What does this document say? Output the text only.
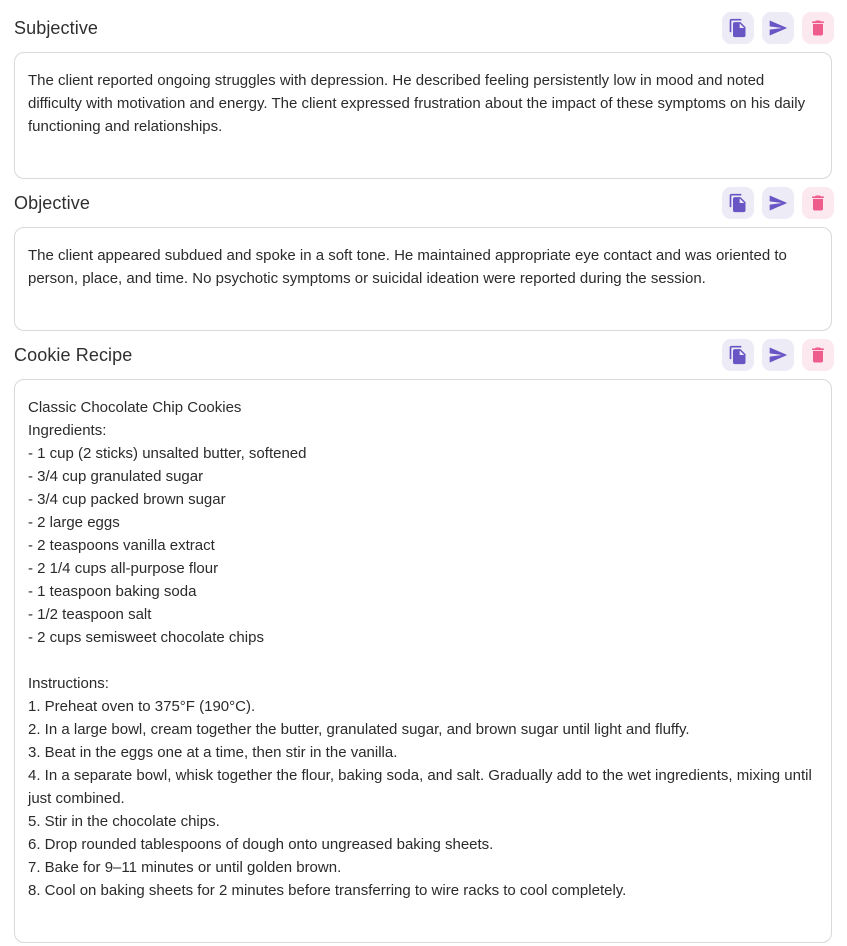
Subjective

The client reported ongoing struggles with depression. He described feeling persistently low in mood and noted difficulty with motivation and energy. The client expressed frustration about the impact of these symptoms on his daily functioning and relationships.

Objective

The client appeared subdued and spoke in a soft tone. He maintained appropriate eye contact and was oriented to person, place, and time. No psychotic symptoms or suicidal ideation were reported during the session.

Cookie Recipe

Classic Chocolate Chip Cookies
Ingredients:
- 1 cup (2 sticks) unsalted butter, softened
- 3/4 cup granulated sugar
- 3/4 cup packed brown sugar
- 2 large eggs
- 2 teaspoons vanilla extract
- 2 1/4 cups all-purpose flour
- 1 teaspoon baking soda
- 1/2 teaspoon salt
- 2 cups semisweet chocolate chips

Instructions:
1. Preheat oven to 375°F (190°C).
2. In a large bowl, cream together the butter, granulated sugar, and brown sugar until light and fluffy.
3. Beat in the eggs one at a time, then stir in the vanilla.
4. In a separate bowl, whisk together the flour, baking soda, and salt. Gradually add to the wet ingredients, mixing until just combined.
5. Stir in the chocolate chips.
6. Drop rounded tablespoons of dough onto ungreased baking sheets.
7. Bake for 9–11 minutes or until golden brown.
8. Cool on baking sheets for 2 minutes before transferring to wire racks to cool completely.
